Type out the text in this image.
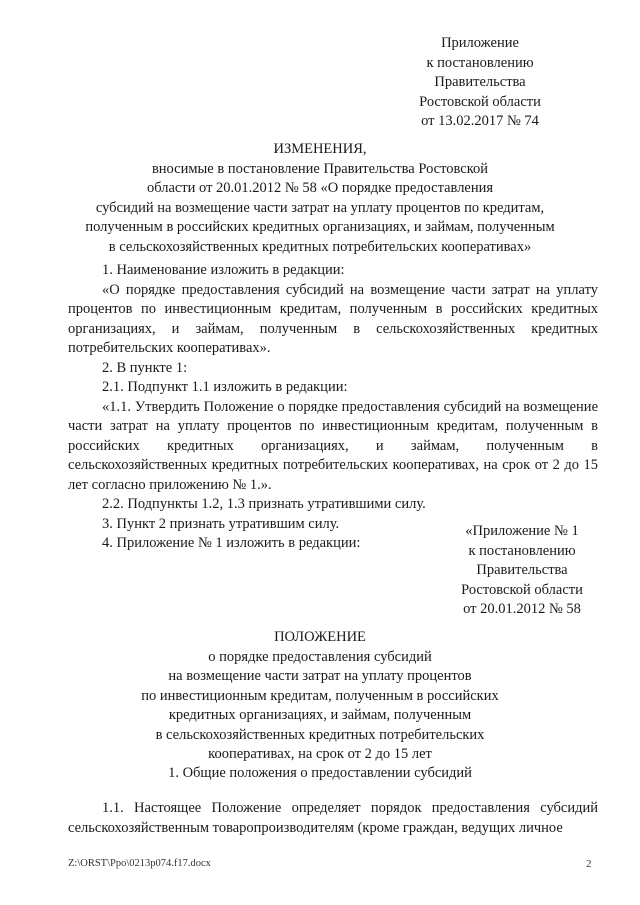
Приложение
к постановлению
Правительства
Ростовской области
от 13.02.2017 № 74
ИЗМЕНЕНИЯ,
вносимые в постановление Правительства Ростовской
области от 20.01.2012 № 58 «О порядке предоставления
субсидий на возмещение части затрат на уплату процентов по кредитам,
полученным в российских кредитных организациях, и займам, полученным
в сельскохозяйственных кредитных потребительских кооперативах»

1. Наименование изложить в редакции:

«О порядке предоставления субсидий на возмещение части затрат на уплату процентов по инвестиционным кредитам, полученным в российских кредитных организациях, и займам, полученным в сельскохозяйственных кредитных потребительских кооперативах».

2. В пункте 1:

2.1. Подпункт 1.1 изложить в редакции:

«1.1. Утвердить Положение о порядке предоставления субсидий на возмещение части затрат на уплату процентов по инвестиционным кредитам, полученным в российских кредитных организациях, и займам, полученным в сельскохозяйственных кредитных потребительских кооперативах, на срок от 2 до 15 лет согласно приложению № 1.».

2.2. Подпункты 1.2, 1.3 признать утратившими силу.

3. Пункт 2 признать утратившим силу.

4. Приложение № 1 изложить в редакции:

«Приложение № 1
к постановлению
Правительства
Ростовской области
от 20.01.2012 № 58
ПОЛОЖЕНИЕ
о порядке предоставления субсидий
на возмещение части затрат на уплату процентов
по инвестиционным кредитам, полученным в российских
кредитных организациях, и займам, полученным
в сельскохозяйственных кредитных потребительских
кооперативах, на срок от 2 до 15 лет
1. Общие положения о предоставлении субсидий

1.1. Настоящее Положение определяет порядок предоставления субсидий сельскохозяйственным товаропроизводителям (кроме граждан, ведущих личное

Z:\ORST\Ppo\0213p074.f17.docx	2
